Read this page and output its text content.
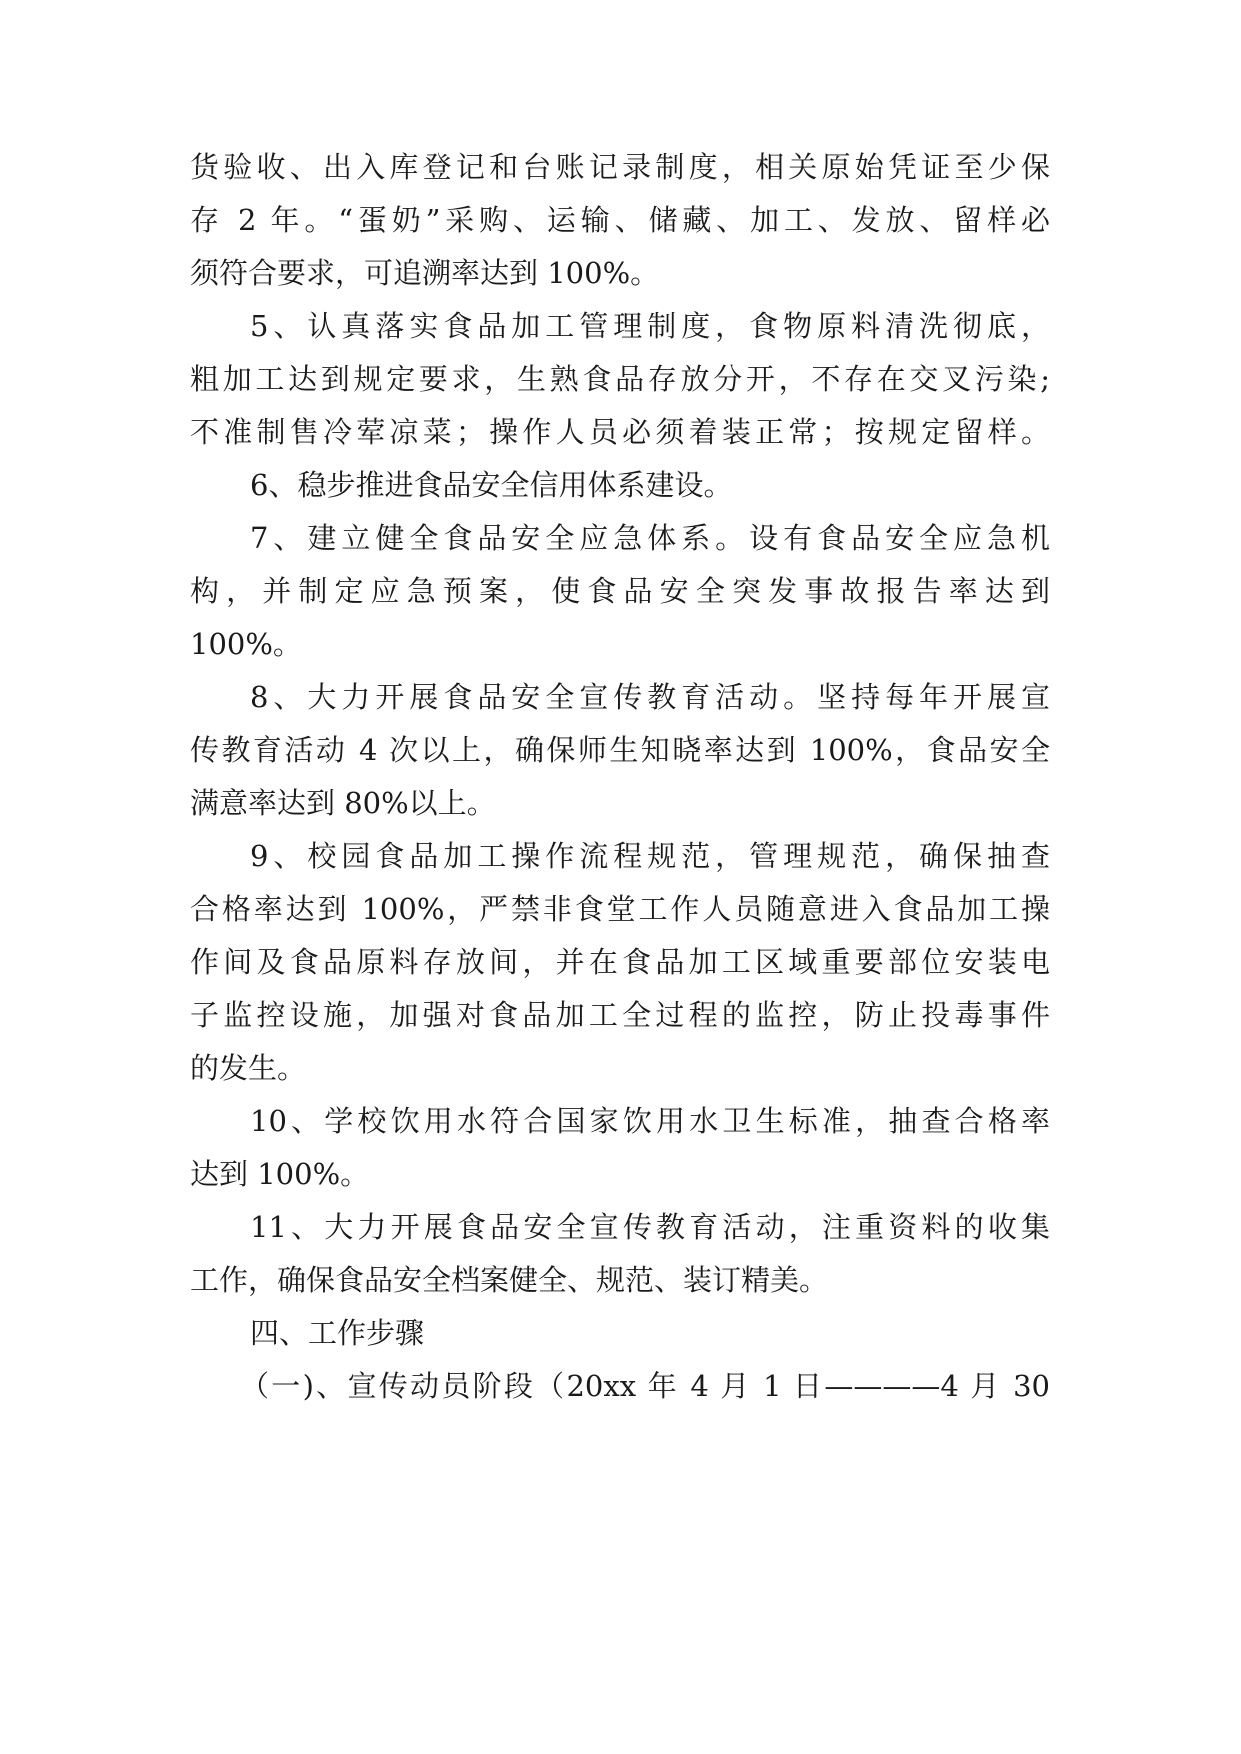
货验收、出入库登记和台账记录制度，相关原始凭证至少保
存 2 年。“蛋奶”采购、运输、储藏、加工、发放、留样必
须符合要求，可追溯率达到 100%。
5、认真落实食品加工管理制度，食物原料清洗彻底，
粗加工达到规定要求，生熟食品存放分开，不存在交叉污染;
不准制售冷荤凉菜；操作人员必须着装正常；按规定留样。
6、稳步推进食品安全信用体系建设。
7、建立健全食品安全应急体系。设有食品安全应急机
构，并制定应急预案，使食品安全突发事故报告率达到
100%。
8、大力开展食品安全宣传教育活动。坚持每年开展宣
传教育活动 4 次以上，确保师生知晓率达到 100%，食品安全
满意率达到 80%以上。
9、校园食品加工操作流程规范，管理规范，确保抽查
合格率达到 100%，严禁非食堂工作人员随意进入食品加工操
作间及食品原料存放间，并在食品加工区域重要部位安装电
子监控设施，加强对食品加工全过程的监控，防止投毒事件
的发生。
10、学校饮用水符合国家饮用水卫生标准，抽查合格率
达到 100%。
11、大力开展食品安全宣传教育活动，注重资料的收集
工作，确保食品安全档案健全、规范、装订精美。
四、工作步骤
（一)、宣传动员阶段（20xx 年 4 月 1 日————4 月 30
